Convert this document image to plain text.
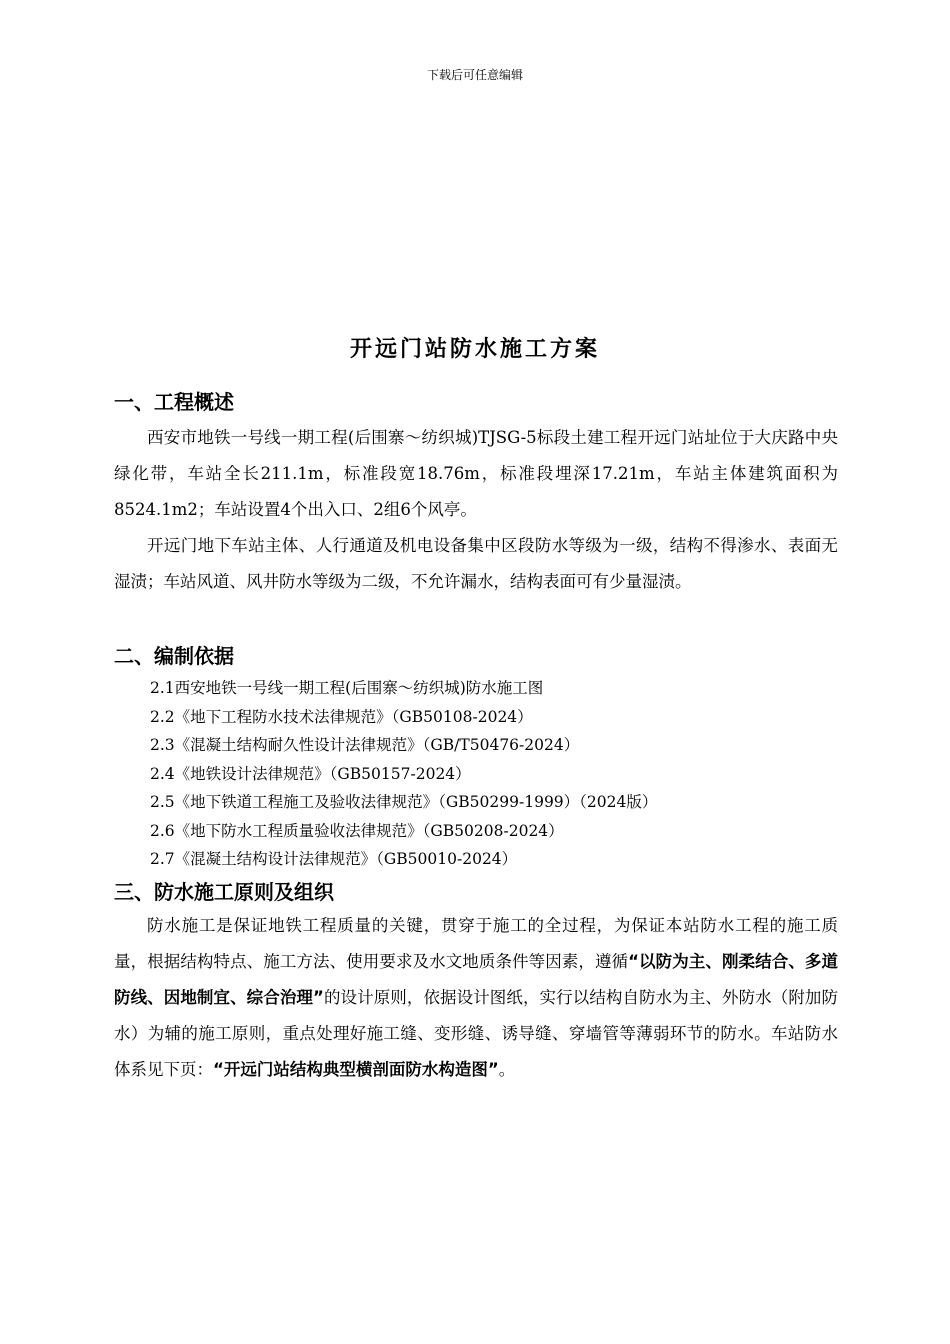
下载后可任意编辑
开远门站防水施工方案
一、工程概述

西安市地铁一号线一期工程(后围寨～纺织城)TJSG-5标段土建工程开远门站址位于大庆路中央绿化带，车站全长211.1m，标准段宽18.76m，标准段埋深17.21m，车站主体建筑面积为8524.1m2；车站设置4个出入口、2组6个风亭。

开远门地下车站主体、人行通道及机电设备集中区段防水等级为一级，结构不得渗水、表面无湿渍；车站风道、风井防水等级为二级，不允许漏水，结构表面可有少量湿渍。

二、编制依据
2.1西安地铁一号线一期工程(后围寨～纺织城)防水施工图
2.2《地下工程防水技术法律规范》（GB50108-2024）
2.3《混凝土结构耐久性设计法律规范》（GB/T50476-2024）
2.4《地铁设计法律规范》（GB50157-2024）
2.5《地下铁道工程施工及验收法律规范》（GB50299-1999）（2024版）
2.6《地下防水工程质量验收法律规范》（GB50208-2024）
2.7《混凝土结构设计法律规范》（GB50010-2024）
三、防水施工原则及组织

防水施工是保证地铁工程质量的关键，贯穿于施工的全过程，为保证本站防水工程的施工质量，根据结构特点、施工方法、使用要求及水文地质条件等因素，遵循“以防为主、刚柔结合、多道防线、因地制宜、综合治理”的设计原则，依据设计图纸，实行以结构自防水为主、外防水（附加防水）为辅的施工原则，重点处理好施工缝、变形缝、诱导缝、穿墙管等薄弱环节的防水。车站防水体系见下页：“开远门站结构典型横剖面防水构造图”。
